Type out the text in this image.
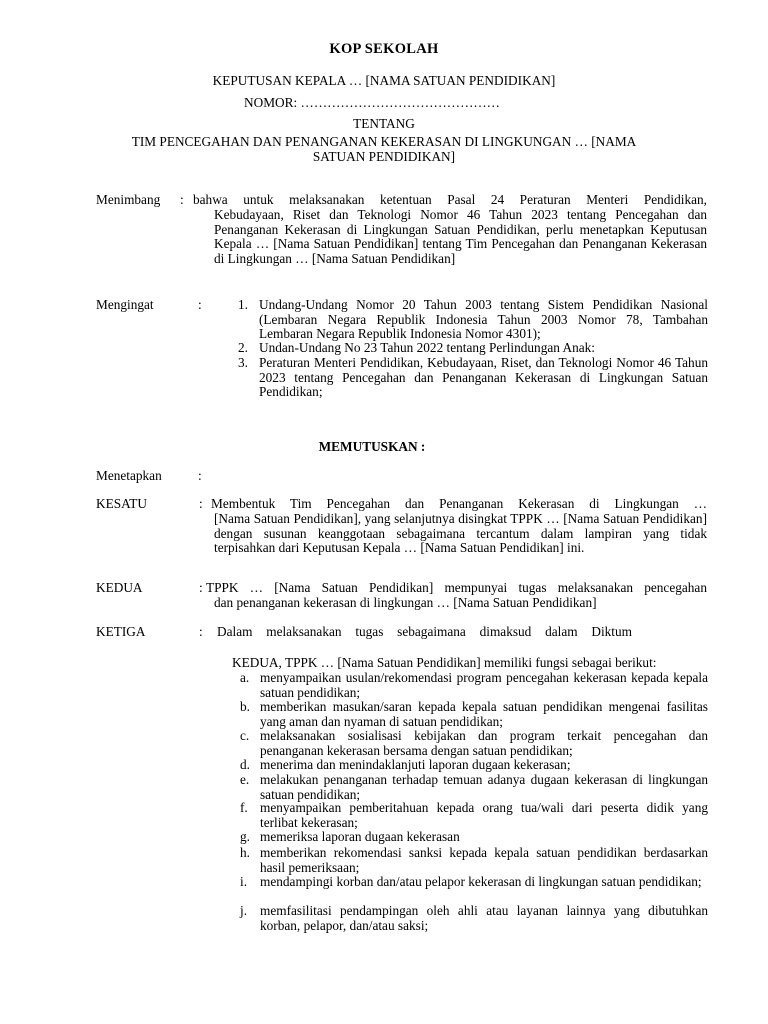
KOP SEKOLAH
KEPUTUSAN KEPALA … [NAMA SATUAN PENDIDIKAN]
NOMOR: ………………………………………
TENTANG
TIM PENCEGAHAN DAN PENANGANAN KEKERASAN DI LINGKUNGAN … [NAMA
SATUAN PENDIDIKAN]
Menimbang : bahwa untuk melaksanakan ketentuan Pasal 24 Peraturan Menteri Pendidikan,
Kebudayaan, Riset dan Teknologi Nomor 46 Tahun 2023 tentang Pencegahan dan Penanganan Kekerasan di Lingkungan Satuan Pendidikan, perlu menetapkan Keputusan Kepala … [Nama Satuan Pendidikan] tentang Tim Pencegahan dan Penanganan Kekerasan di Lingkungan … [Nama Satuan Pendidikan]
Mengingat	:	1. Undang-Undang Nomor 20 Tahun 2003 tentang Sistem Pendidikan Nasional (Lembaran Negara Republik Indonesia Tahun 2003 Nomor 78, Tambahan Lembaran Negara Republik Indonesia Nomor 4301);
2. Undan-Undang No 23 Tahun 2022 tentang Perlindungan Anak:
3. Peraturan Menteri Pendidikan, Kebudayaan, Riset, dan Teknologi Nomor 46 Tahun 2023 tentang Pencegahan dan Penanganan Kekerasan di Lingkungan Satuan Pendidikan;
MEMUTUSKAN :
Menetapkan	:
KESATU	: Membentuk Tim Pencegahan dan Penanganan Kekerasan di Lingkungan …
[Nama Satuan Pendidikan], yang selanjutnya disingkat TPPK … [Nama Satuan Pendidikan] dengan susunan keanggotaan sebagaimana tercantum dalam lampiran yang tidak terpisahkan dari Keputusan Kepala … [Nama Satuan Pendidikan] ini.
KEDUA	: TPPK … [Nama Satuan Pendidikan] mempunyai tugas melaksanakan pencegahan
dan penanganan kekerasan di lingkungan … [Nama Satuan Pendidikan]
KETIGA	: Dalam melaksanakan tugas sebagaimana dimaksud dalam Diktum
KEDUA, TPPK … [Nama Satuan Pendidikan] memiliki fungsi sebagai berikut:
a. menyampaikan usulan/rekomendasi program pencegahan kekerasan kepada kepala satuan pendidikan;
b. memberikan masukan/saran kepada kepala satuan pendidikan mengenai fasilitas yang aman dan nyaman di satuan pendidikan;
c. melaksanakan sosialisasi kebijakan dan program terkait pencegahan dan penanganan kekerasan bersama dengan satuan pendidikan;
d. menerima dan menindaklanjuti laporan dugaan kekerasan;
e. melakukan penanganan terhadap temuan adanya dugaan kekerasan di lingkungan satuan pendidikan;
f. menyampaikan pemberitahuan kepada orang tua/wali dari peserta didik yang terlibat kekerasan;
g. memeriksa laporan dugaan kekerasan
h. memberikan rekomendasi sanksi kepada kepala satuan pendidikan berdasarkan hasil pemeriksaan;
i. mendampingi korban dan/atau pelapor kekerasan di lingkungan satuan pendidikan;
j. memfasilitasi pendampingan oleh ahli atau layanan lainnya yang dibutuhkan korban, pelapor, dan/atau saksi;
